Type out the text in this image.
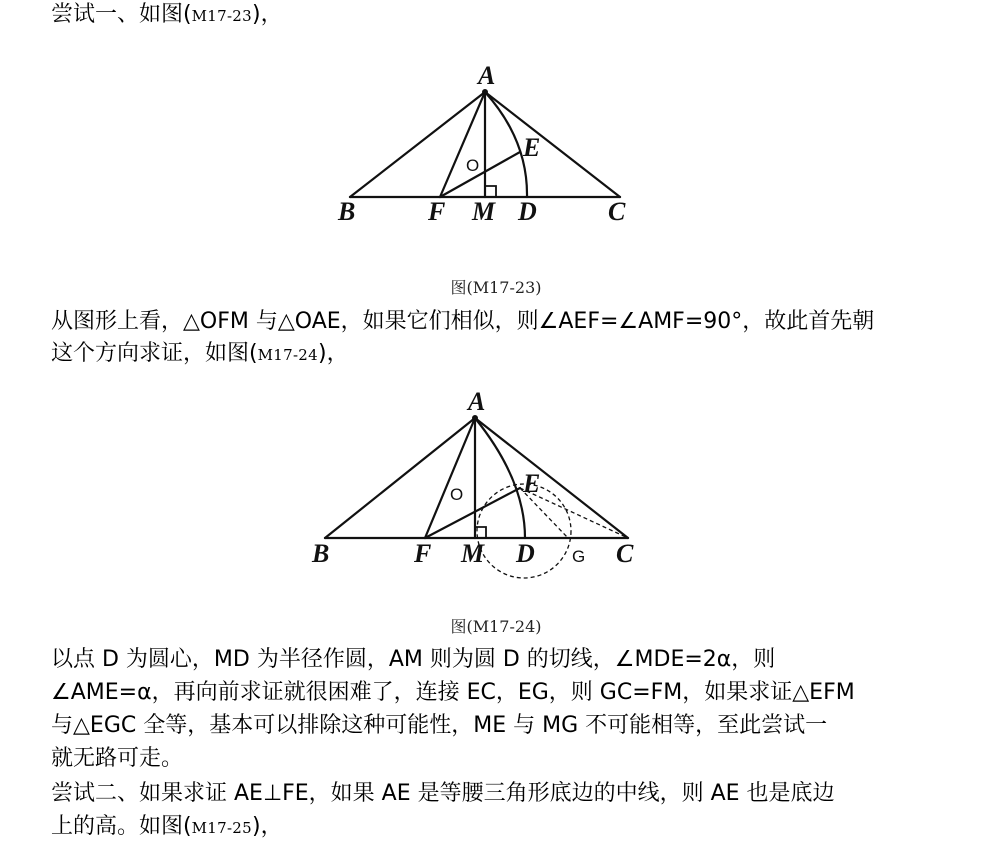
尝试一、如图(M17-23)，

A
B	F M D	C
E
O
图(M17-23)

从图形上看，△OFM 与△OAE，如果它们相似，则∠AEF=∠AMF=90°，故此首先朝

这个方向求证，如图(M17-24)，

A
B	F M D	C
E
O
G
图(M17-24)

以点 D 为圆心，MD 为半径作圆，AM 则为圆 D 的切线，∠MDE=2α，则

∠AME=α，再向前求证就很困难了，连接 EC，EG，则 GC=FM，如果求证△EFM

与△EGC 全等，基本可以排除这种可能性，ME 与 MG 不可能相等，至此尝试一

就无路可走。

尝试二、如果求证 AE⊥FE，如果 AE 是等腰三角形底边的中线，则 AE 也是底边

上的高。如图(M17-25)，
